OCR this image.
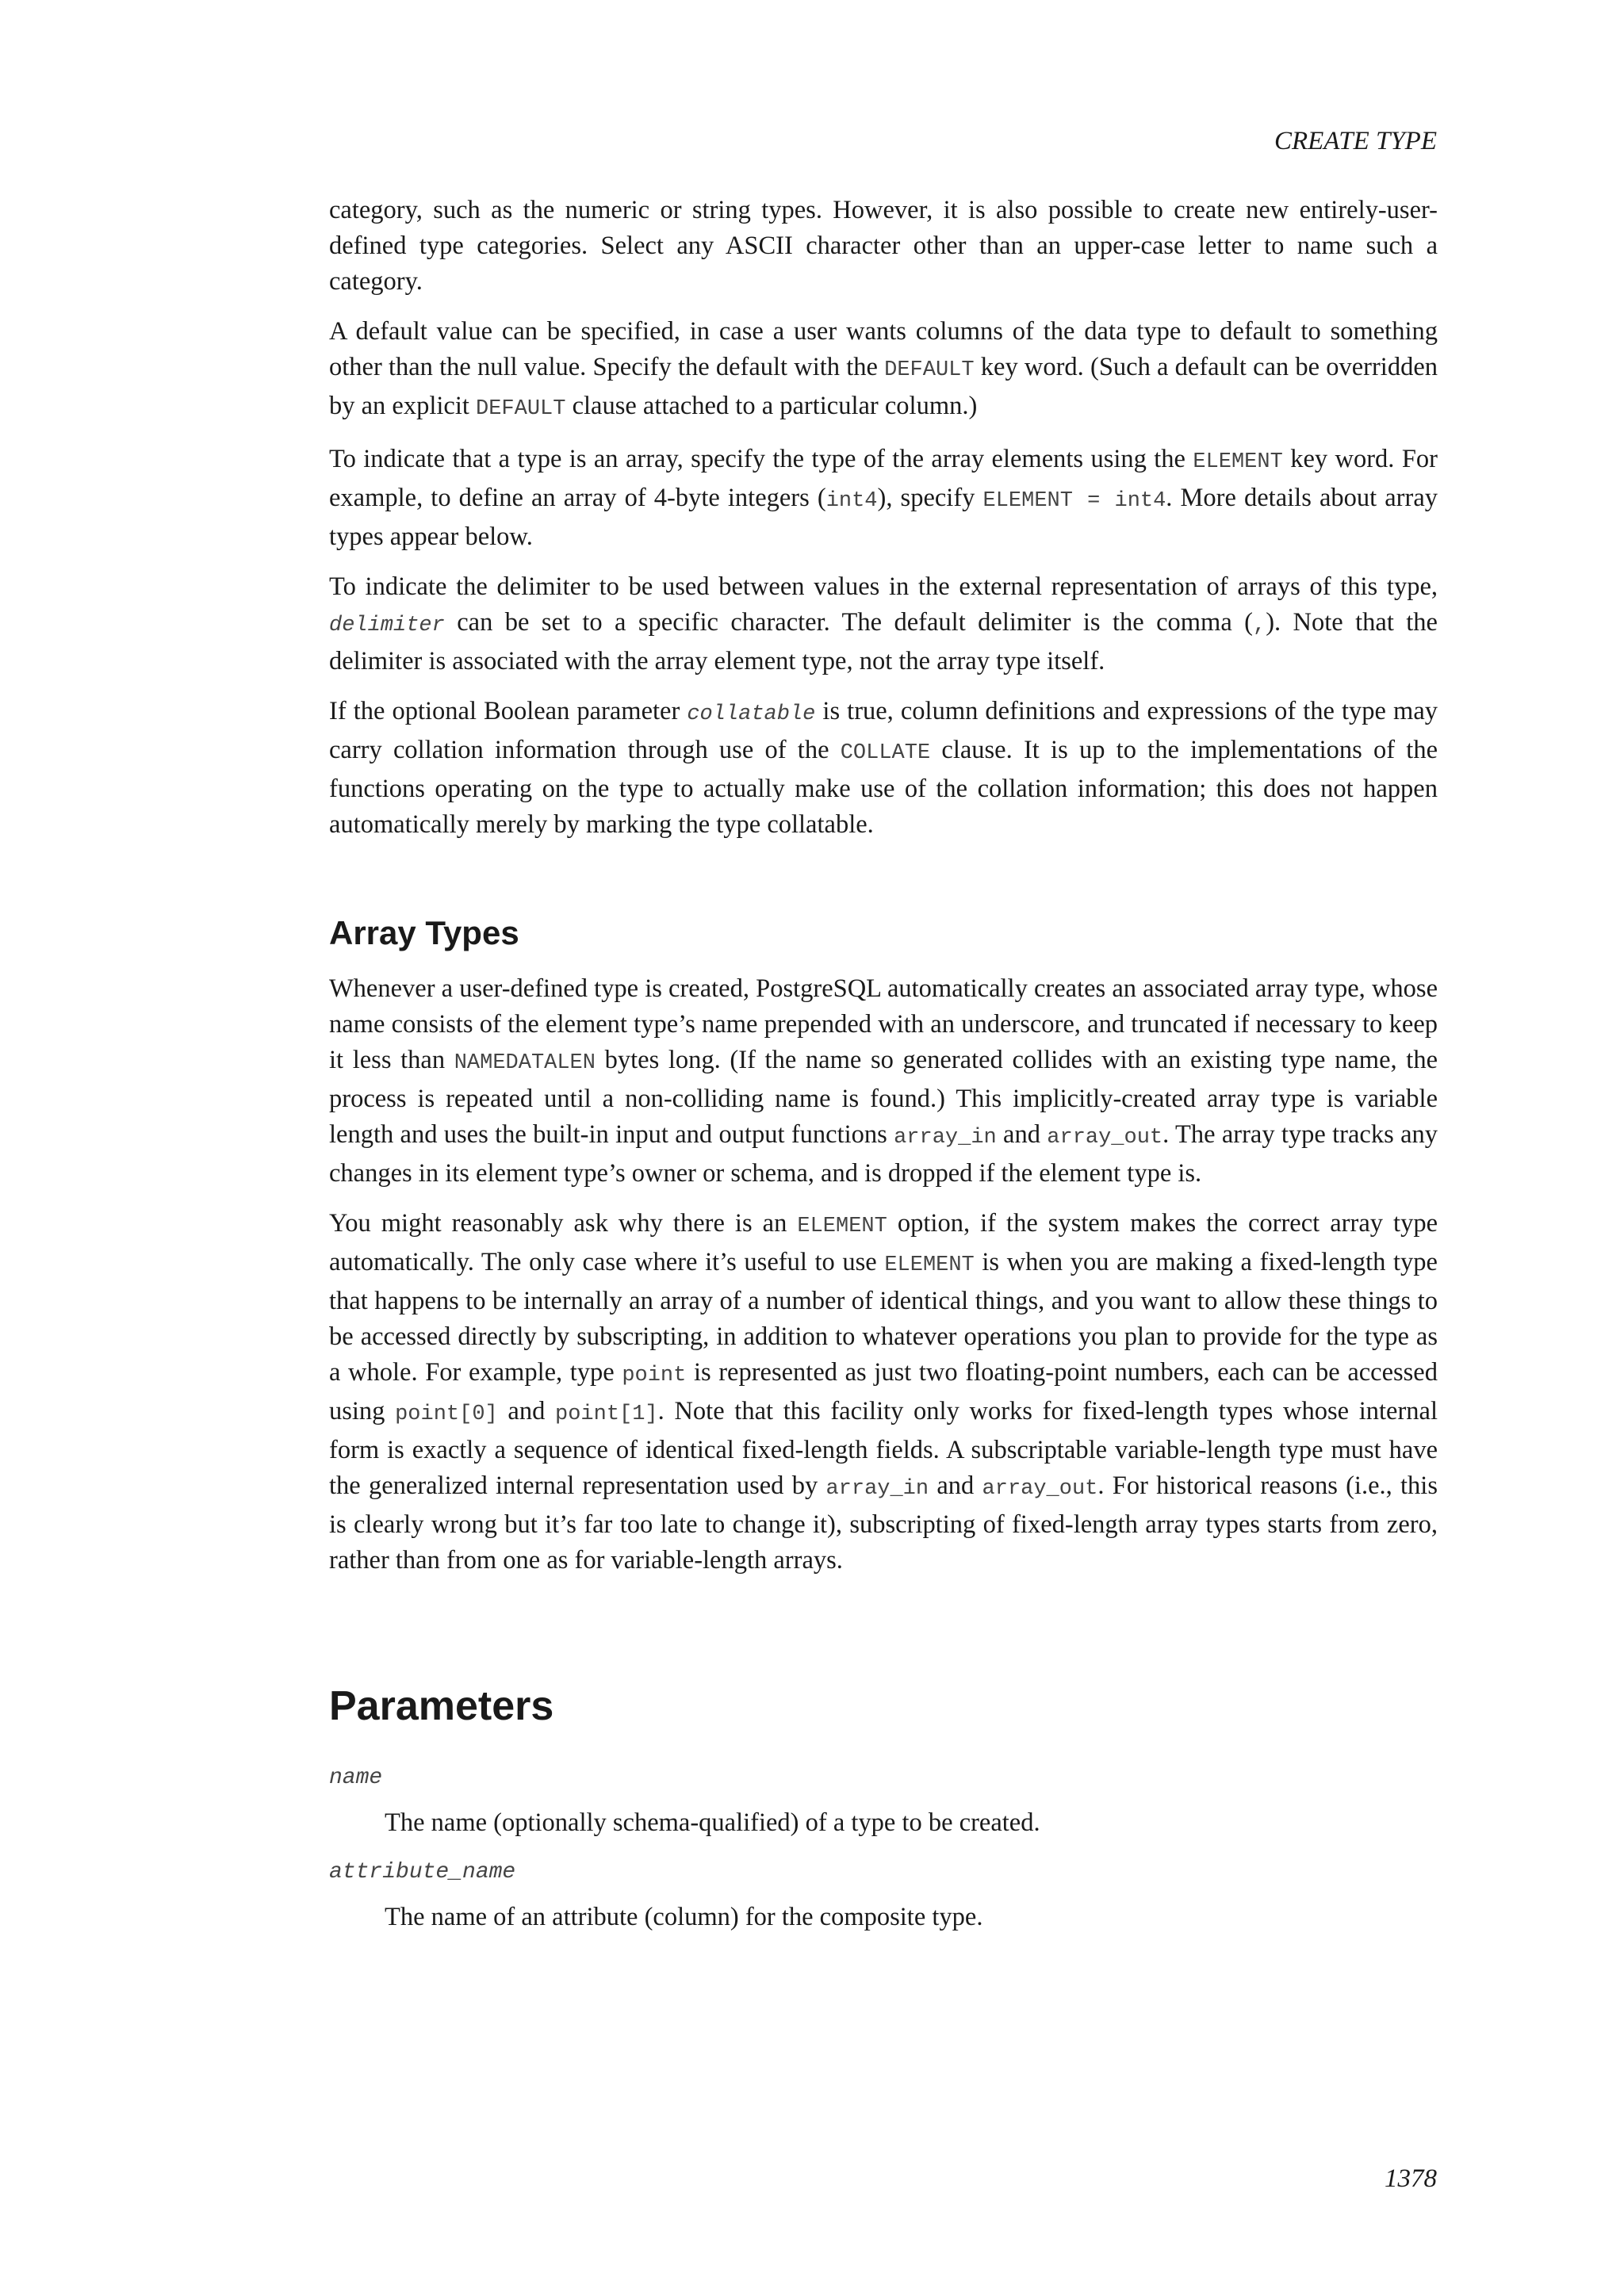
CREATE TYPE

category, such as the numeric or string types. However, it is also possible to create new entirely-user-defined type categories. Select any ASCII character other than an upper-case letter to name such a category.

A default value can be specified, in case a user wants columns of the data type to default to something other than the null value. Specify the default with the DEFAULT key word. (Such a default can be overridden by an explicit DEFAULT clause attached to a particular column.)

To indicate that a type is an array, specify the type of the array elements using the ELEMENT key word. For example, to define an array of 4-byte integers (int4), specify ELEMENT = int4. More details about array types appear below.

To indicate the delimiter to be used between values in the external representation of arrays of this type, delimiter can be set to a specific character. The default delimiter is the comma (,). Note that the delimiter is associated with the array element type, not the array type itself.

If the optional Boolean parameter collatable is true, column definitions and expressions of the type may carry collation information through use of the COLLATE clause. It is up to the implementations of the functions operating on the type to actually make use of the collation information; this does not happen automatically merely by marking the type collatable.

Array Types

Whenever a user-defined type is created, PostgreSQL automatically creates an associated array type, whose name consists of the element type’s name prepended with an underscore, and truncated if necessary to keep it less than NAMEDATALEN bytes long. (If the name so generated collides with an existing type name, the process is repeated until a non-colliding name is found.) This implicitly-created array type is variable length and uses the built-in input and output functions array_in and array_out. The array type tracks any changes in its element type’s owner or schema, and is dropped if the element type is.

You might reasonably ask why there is an ELEMENT option, if the system makes the correct array type automatically. The only case where it’s useful to use ELEMENT is when you are making a fixed-length type that happens to be internally an array of a number of identical things, and you want to allow these things to be accessed directly by subscripting, in addition to whatever operations you plan to provide for the type as a whole. For example, type point is represented as just two floating-point numbers, each can be accessed using point[0] and point[1]. Note that this facility only works for fixed-length types whose internal form is exactly a sequence of identical fixed-length fields. A subscriptable variable-length type must have the generalized internal representation used by array_in and array_out. For historical reasons (i.e., this is clearly wrong but it’s far too late to change it), subscripting of fixed-length array types starts from zero, rather than from one as for variable-length arrays.

Parameters
name
The name (optionally schema-qualified) of a type to be created.
attribute_name
The name of an attribute (column) for the composite type.
1378
